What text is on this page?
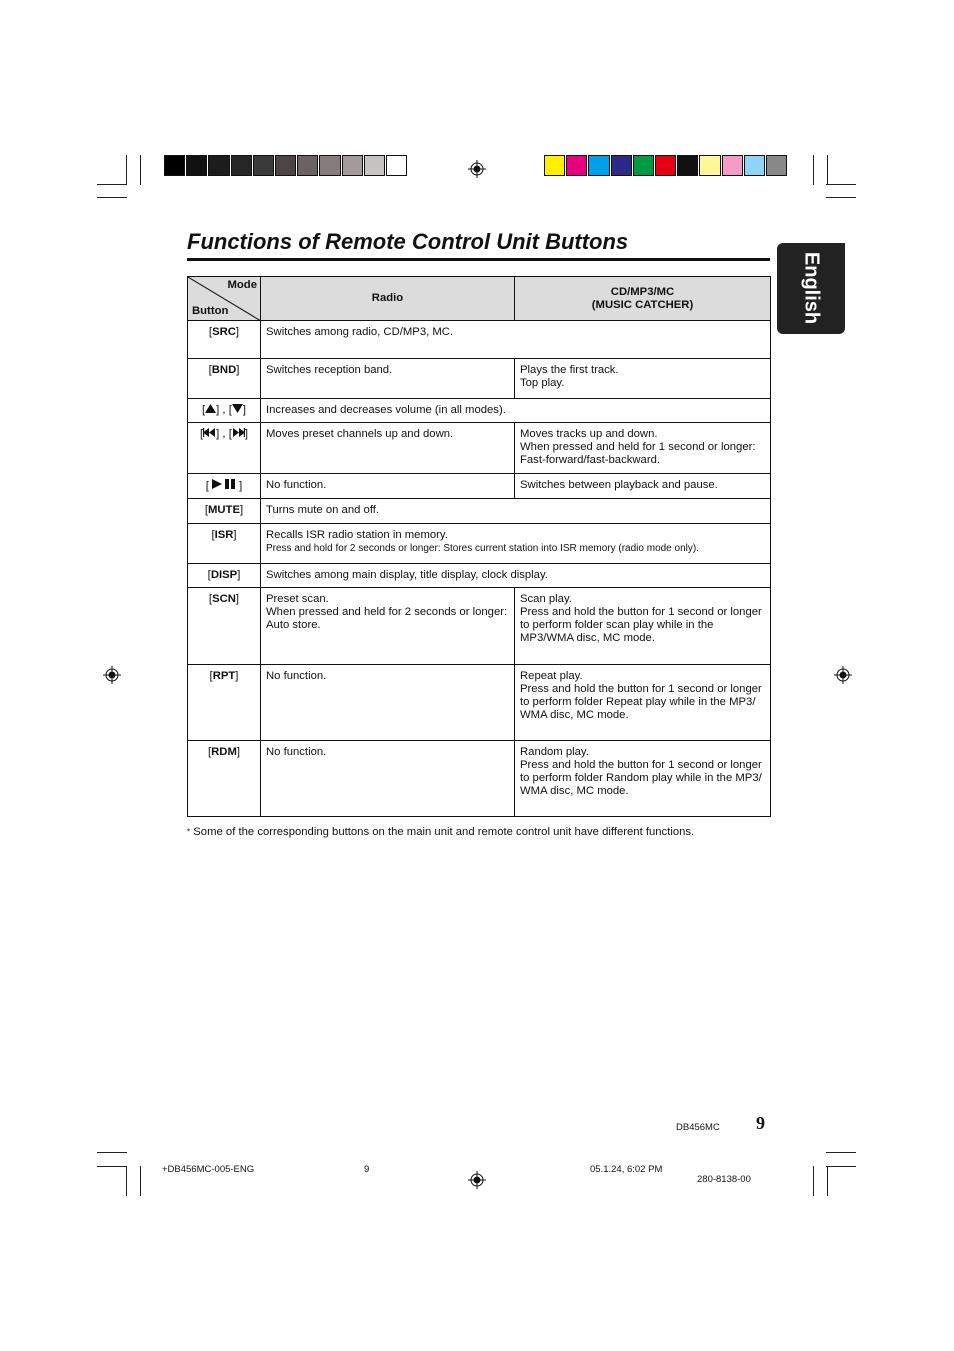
Functions of Remote Control Unit Buttons
English
Mode
Button	Radio	CD/MP3/MC
(MUSIC CATCHER)

[SRC]	Switches among radio, CD/MP3, MC.	
[BND]	Switches reception band.	Plays the first track.
Top play.

[ ] , [ ]	Increases and decreases volume (in all modes).	
[ ] , [ ]	Moves preset channels up and down.	Moves tracks up and down.
When pressed and held for 1 second or longer: Fast-forward/fast-backward.

[  ]	No function.	Switches between playback and pause.
[MUTE]	Turns mute on and off.	
[ISR]	Recalls ISR radio station in memory.
Press and hold for 2 seconds or longer: Stores current station into ISR memory (radio mode only).	

[DISP]	Switches among main display, title display, clock display.	
[SCN]	Preset scan.
When pressed and held for 2 seconds or longer:
Auto store.	Scan play.
Press and hold the button for 1 second or longer to perform folder scan play while in the MP3/WMA disc, MC mode.

[RPT]	No function.	Repeat play.
Press and hold the button for 1 second or longer to perform folder Repeat play while in the MP3/ WMA disc, MC mode.

[RDM]	No function.	Random play.
Press and hold the button for 1 second or longer to perform folder Random play while in the MP3/ WMA disc, MC mode.
* Some of the corresponding buttons on the main unit and remote control unit have different functions.
DB456MC 9
+DB456MC-005-ENG	9	05.1.24, 6:02 PM
280-8138-00
